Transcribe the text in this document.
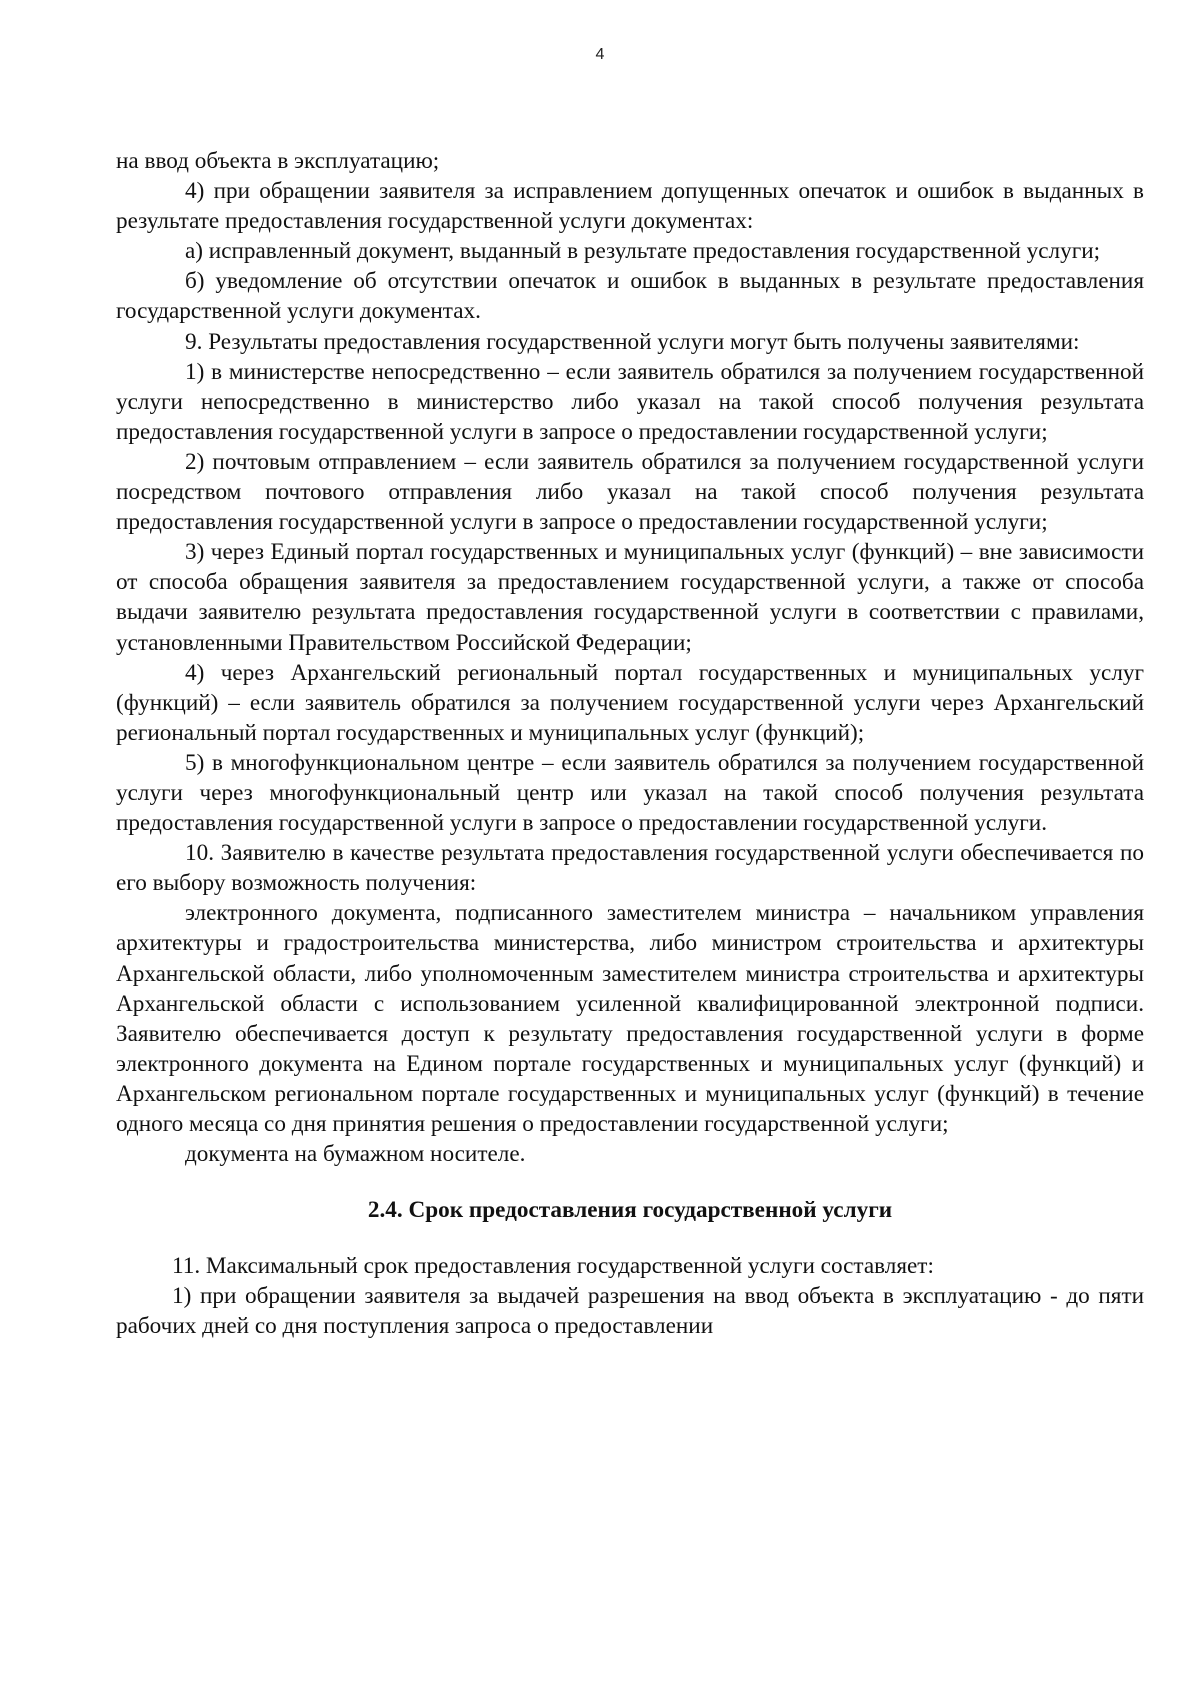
4

на ввод объекта в эксплуатацию;

4) при обращении заявителя за исправлением допущенных опечаток и ошибок в выданных в результате предоставления государственной услуги документах:

а) исправленный документ, выданный в результате предоставления государственной услуги;

б) уведомление об отсутствии опечаток и ошибок в выданных в результате предоставления государственной услуги документах.

9. Результаты предоставления государственной услуги могут быть получены заявителями:

1) в министерстве непосредственно – если заявитель обратился за получением государственной услуги непосредственно в министерство либо указал на такой способ получения результата предоставления государственной услуги в запросе о предоставлении государственной услуги;

2) почтовым отправлением – если заявитель обратился за получением государственной услуги посредством почтового отправления либо указал на такой способ получения результата предоставления государственной услуги в запросе о предоставлении государственной услуги;

3) через Единый портал государственных и муниципальных услуг (функций) – вне зависимости от способа обращения заявителя за предоставлением государственной услуги, а также от способа выдачи заявителю результата предоставления государственной услуги в соответствии с правилами, установленными Правительством Российской Федерации;

4) через Архангельский региональный портал государственных и муниципальных услуг (функций) – если заявитель обратился за получением государственной услуги через Архангельский региональный портал государственных и муниципальных услуг (функций);

5) в многофункциональном центре – если заявитель обратился за получением государственной услуги через многофункциональный центр или указал на такой способ получения результата предоставления государственной услуги в запросе о предоставлении государственной услуги.

10. Заявителю в качестве результата предоставления государственной услуги обеспечивается по его выбору возможность получения:

электронного документа, подписанного заместителем министра – начальником управления архитектуры и градостроительства министерства, либо министром строительства и архитектуры Архангельской области, либо уполномоченным заместителем министра строительства и архитектуры Архангельской области с использованием усиленной квалифицированной электронной подписи. Заявителю обеспечивается доступ к результату предоставления государственной услуги в форме электронного документа на Едином портале государственных и муниципальных услуг (функций) и Архангельском региональном портале государственных и муниципальных услуг (функций) в течение одного месяца со дня принятия решения о предоставлении государственной услуги;

документа на бумажном носителе.

2.4. Срок предоставления государственной услуги

11. Максимальный срок предоставления государственной услуги составляет:

1) при обращении заявителя за выдачей разрешения на ввод объекта в эксплуатацию - до пяти рабочих дней со дня поступления запроса о предоставлении
